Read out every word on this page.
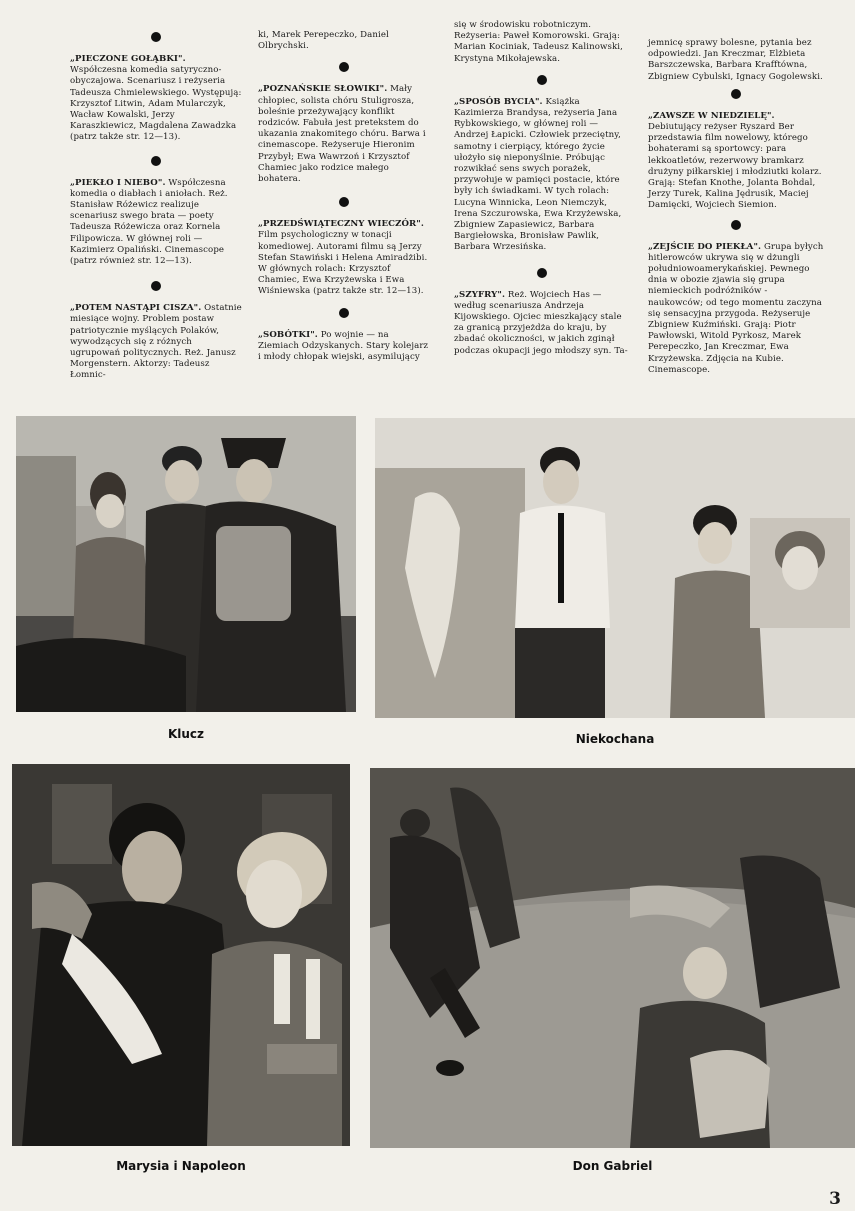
„PIECZONE GOŁĄBKI". Współczesna komedia satyryczno-obyczajowa. Scenariusz i reżyseria Tadeusza Chmielewskiego. Występują: Krzysztof Litwin, Adam Mularczyk, Wacław Kowalski, Jerzy Karaszkiewicz, Magdalena Zawadzka (patrz także str. 12—13).

„PIEKŁO I NIEBO". Współczesna komedia o diabłach i aniołach. Reż. Stanisław Różewicz realizuje scenariusz swego brata — poety Tadeusza Różewicza oraz Kornela Filipowicza. W głównej roli — Kazimierz Opaliński. Cinemascope (patrz również str. 12—13).

„POTEM NASTĄPI CISZA". Ostatnie miesiące wojny. Problem postaw patriotycznie myślących Polaków, wywodzących się z różnych ugrupowań politycznych. Reż. Janusz Morgenstern. Aktorzy: Tadeusz Łomnic-

ki, Marek Perepeczko, Daniel Olbrychski.

„POZNAŃSKIE SŁOWIKI". Mały chłopiec, solista chóru Stuligrosza, boleśnie przeżywający konflikt rodziców. Fabuła jest pretekstem do ukazania znakomitego chóru. Barwa i cinemascope. Reżyseruje Hieronim Przybył; Ewa Wawrzoń i Krzysztof Chamiec jako rodzice małego bohatera.

„PRZEDŚWIĄTECZNY WIECZÓR". Film psychologiczny w tonacji komediowej. Autorami filmu są Jerzy Stefan Stawiński i Helena Amiradżibi. W głównych rolach: Krzysztof Chamiec, Ewa Krzyżewska i Ewa Wiśniewska (patrz także str. 12—13).

„SOBÓTKI". Po wojnie — na Ziemiach Odzyskanych. Stary kolejarz i młody chłopak wiejski, asymilujący

się w środowisku robotniczym. Reżyseria: Paweł Komorowski. Grają: Marian Kociniak, Tadeusz Kalinowski, Krystyna Mikołajewska.

„SPOSÓB BYCIA". Książka Kazimierza Brandysa, reżyseria Jana Rybkowskiego, w głównej roli — Andrzej Łapicki. Człowiek przeciętny, samotny i cierpiący, którego życie ułożyło się nieponyślnie. Próbując rozwikłać sens swych porażek, przywołuje w pamięci postacie, które były ich świadkami. W tych rolach: Lucyna Winnicka, Leon Niemczyk, Irena Szczurowska, Ewa Krzyżewska, Zbigniew Zapasiewicz, Barbara Bargiełowska, Bronisław Pawlik, Barbara Wrzesińska.

„SZYFRY". Reż. Wojciech Has — według scenariusza Andrzeja Kijowskiego. Ojciec mieszkający stale za granicą przyjeżdża do kraju, by zbadać okoliczności, w jakich zginął podczas okupacji jego młodszy syn. Ta-

jemnicę sprawy bolesne, pytania bez odpowiedzi. Jan Kreczmar, Elżbieta Barszczewska, Barbara Krafftówna, Zbigniew Cybulski, Ignacy Gogolewski.

„ZAWSZE W NIEDZIELĘ". Debiutujący reżyser Ryszard Ber przedstawia film nowelowy, którego bohaterami są sportowcy: para lekkoatletów, rezerwowy bramkarz drużyny piłkarskiej i młodziutki kolarz. Grają: Stefan Knothe, Jolanta Bohdal, Jerzy Turek, Kalina Jędrusik, Maciej Damięcki, Wojciech Siemion.

„ZEJŚCIE DO PIEKŁA". Grupa byłych hitlerowców ukrywa się w dżungli południowoamerykańskiej. Pewnego dnia w obozie zjawia się grupa niemieckich podróżników - naukowców; od tego momentu zaczyna się sensacyjna przygoda. Reżyseruje Zbigniew Kuźmiński. Grają: Piotr Pawłowski, Witold Pyrkosz, Marek Perepeczko, Jan Kreczmar, Ewa Krzyżewska. Zdjęcia na Kubie. Cinemascope.

Klucz	Niekochana
Marysia i Napoleon	Don Gabriel
3
